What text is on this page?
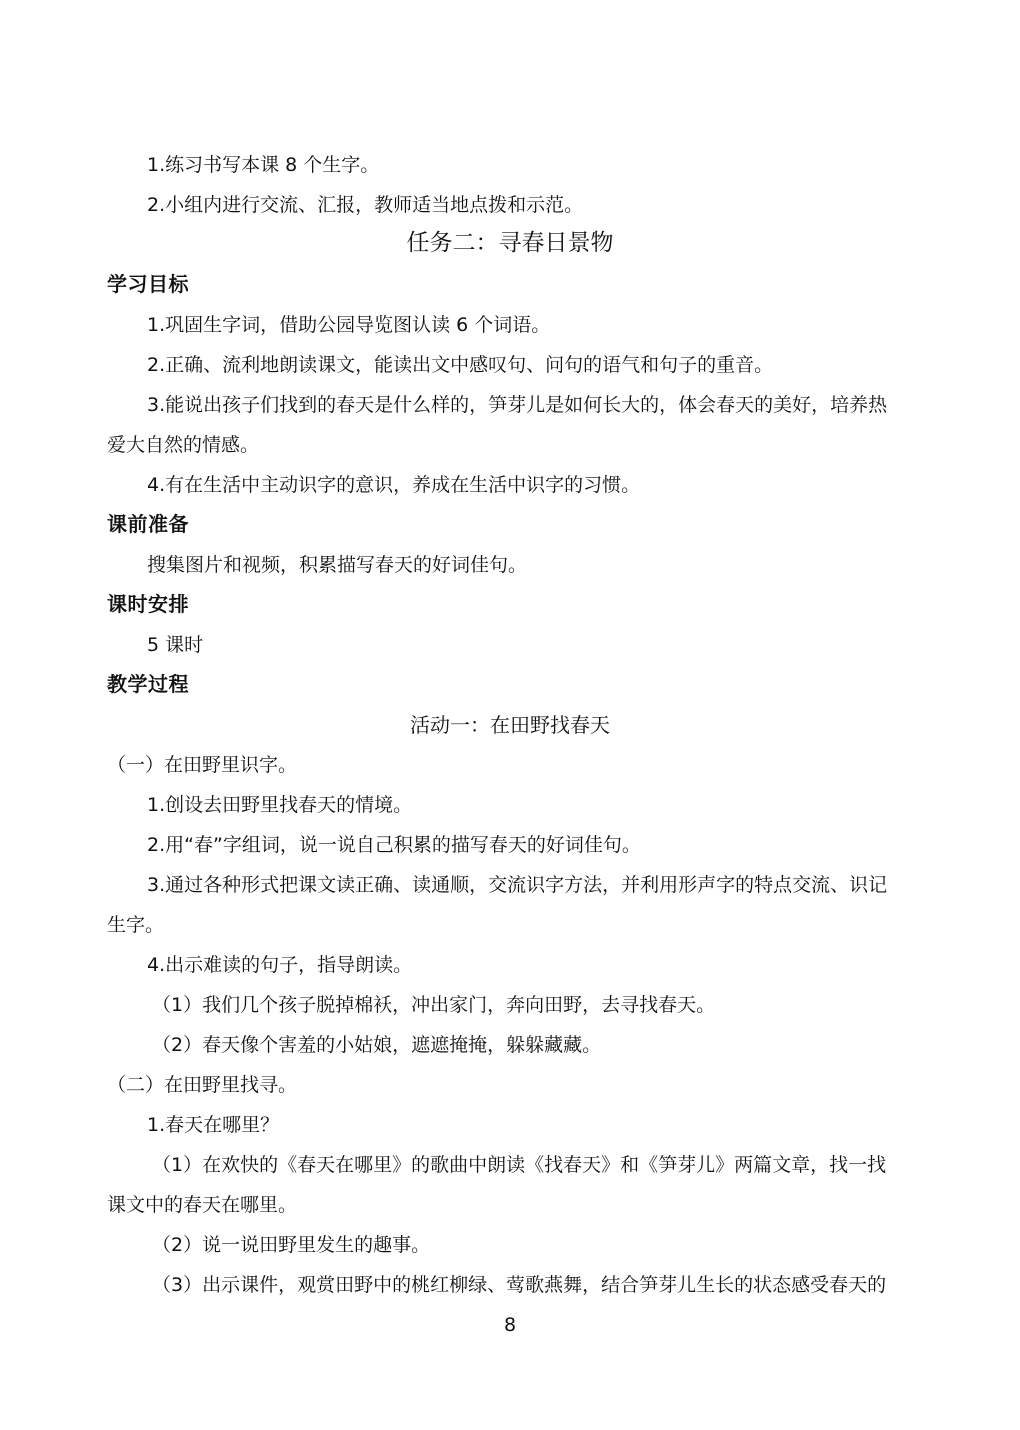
1.练习书写本课 8 个生字。
2.小组内进行交流、汇报，教师适当地点拨和示范。
任务二：寻春日景物
学习目标
1.巩固生字词，借助公园导览图认读 6 个词语。
2.正确、流利地朗读课文，能读出文中感叹句、问句的语气和句子的重音。
3.能说出孩子们找到的春天是什么样的，笋芽儿是如何长大的，体会春天的美好，培养热
爱大自然的情感。
4.有在生活中主动识字的意识，养成在生活中识字的习惯。
课前准备
搜集图片和视频，积累描写春天的好词佳句。
课时安排
5 课时
教学过程
活动一：在田野找春天
（一）在田野里识字。
1.创设去田野里找春天的情境。
2.用“春”字组词，说一说自己积累的描写春天的好词佳句。
3.通过各种形式把课文读正确、读通顺，交流识字方法，并利用形声字的特点交流、识记
生字。
4.出示难读的句子，指导朗读。
（1）我们几个孩子脱掉棉袄，冲出家门，奔向田野，去寻找春天。
（2）春天像个害羞的小姑娘，遮遮掩掩，躲躲藏藏。
（二）在田野里找寻。
1.春天在哪里？
（1）在欢快的《春天在哪里》的歌曲中朗读《找春天》和《笋芽儿》两篇文章，找一找
课文中的春天在哪里。
（2）说一说田野里发生的趣事。
（3）出示课件，观赏田野中的桃红柳绿、莺歌燕舞，结合笋芽儿生长的状态感受春天的
8
